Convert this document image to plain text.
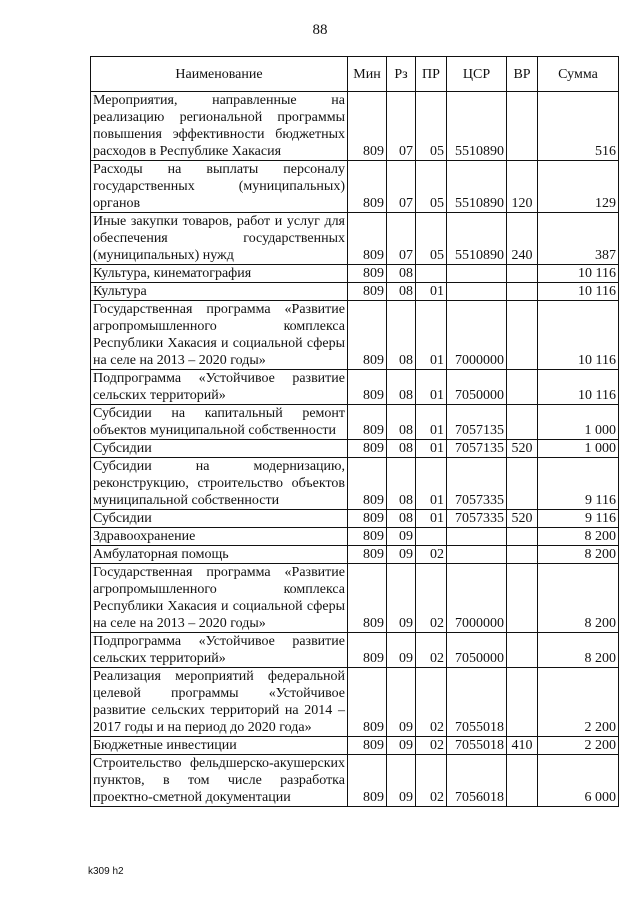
88
Наименование	Мин	Рз	ПР	ЦСР	ВР	Сумма
Мероприятия, направленные на реализацию региональной программы повышения эффективности бюджетных расходов в Республике Хакасия	809	07	05	5510890		516
Расходы на выплаты персоналу государственных (муниципальных) органов	809	07	05	5510890	120	129
Иные закупки товаров, работ и услуг для обеспечения государственных (муниципальных) нужд	809	07	05	5510890	240	387
Культура, кинематография	809	08				10 116
Культура	809	08	01			10 116
Государственная программа «Развитие агропромышленного комплекса Республики Хакасия и социальной сферы на селе на 2013 – 2020 годы»	809	08	01	7000000		10 116
Подпрограмма «Устойчивое развитие сельских территорий»	809	08	01	7050000		10 116
Субсидии на капитальный ремонт объектов муниципальной собственности	809	08	01	7057135		1 000
Субсидии	809	08	01	7057135	520	1 000
Субсидии на модернизацию, реконструкцию, строительство объектов муниципальной собственности	809	08	01	7057335		9 116
Субсидии	809	08	01	7057335	520	9 116
Здравоохранение	809	09				8 200
Амбулаторная помощь	809	09	02			8 200
Государственная программа «Развитие агропромышленного комплекса Республики Хакасия и социальной сферы на селе на 2013 – 2020 годы»	809	09	02	7000000		8 200
Подпрограмма «Устойчивое развитие сельских территорий»	809	09	02	7050000		8 200
Реализация мероприятий федеральной целевой программы «Устойчивое развитие сельских территорий на 2014 – 2017 годы и на период до 2020 года»	809	09	02	7055018		2 200
Бюджетные инвестиции	809	09	02	7055018	410	2 200
Строительство фельдшерско-акушерских пунктов, в том числе разработка проектно-сметной документации	809	09	02	7056018		6 000
k309 h2
